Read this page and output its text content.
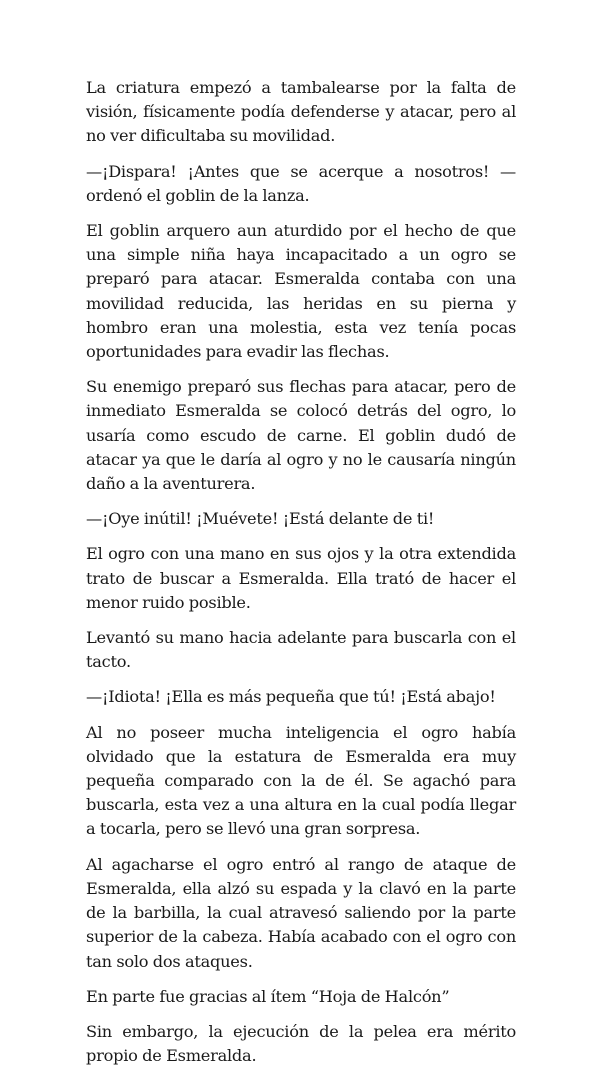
La criatura empezó a tambalearse por la falta de visión, físicamente podía defenderse y atacar, pero al no ver dificultaba su movilidad.

—¡Dispara! ¡Antes que se acerque a nosotros! —ordenó el goblin de la lanza.

El goblin arquero aun aturdido por el hecho de que una simple niña haya incapacitado a un ogro se preparó para atacar. Esmeralda contaba con una movilidad reducida, las heridas en su pierna y hombro eran una molestia, esta vez tenía pocas oportunidades para evadir las flechas.

Su enemigo preparó sus flechas para atacar, pero de inmediato Esmeralda se colocó detrás del ogro, lo usaría como escudo de carne. El goblin dudó de atacar ya que le daría al ogro y no le causaría ningún daño a la aventurera.

—¡Oye inútil! ¡Muévete! ¡Está delante de ti!

El ogro con una mano en sus ojos y la otra extendida trato de buscar a Esmeralda. Ella trató de hacer el menor ruido posible.

Levantó su mano hacia adelante para buscarla con el tacto.

—¡Idiota! ¡Ella es más pequeña que tú! ¡Está abajo!

Al no poseer mucha inteligencia el ogro había olvidado que la estatura de Esmeralda era muy pequeña comparado con la de él. Se agachó para buscarla, esta vez a una altura en la cual podía llegar a tocarla, pero se llevó una gran sorpresa.

Al agacharse el ogro entró al rango de ataque de Esmeralda, ella alzó su espada y la clavó en la parte de la barbilla, la cual atravesó saliendo por la parte superior de la cabeza. Había acabado con el ogro con tan solo dos ataques.

En parte fue gracias al ítem “Hoja de Halcón”

Sin embargo, la ejecución de la pelea era mérito propio de Esmeralda.
